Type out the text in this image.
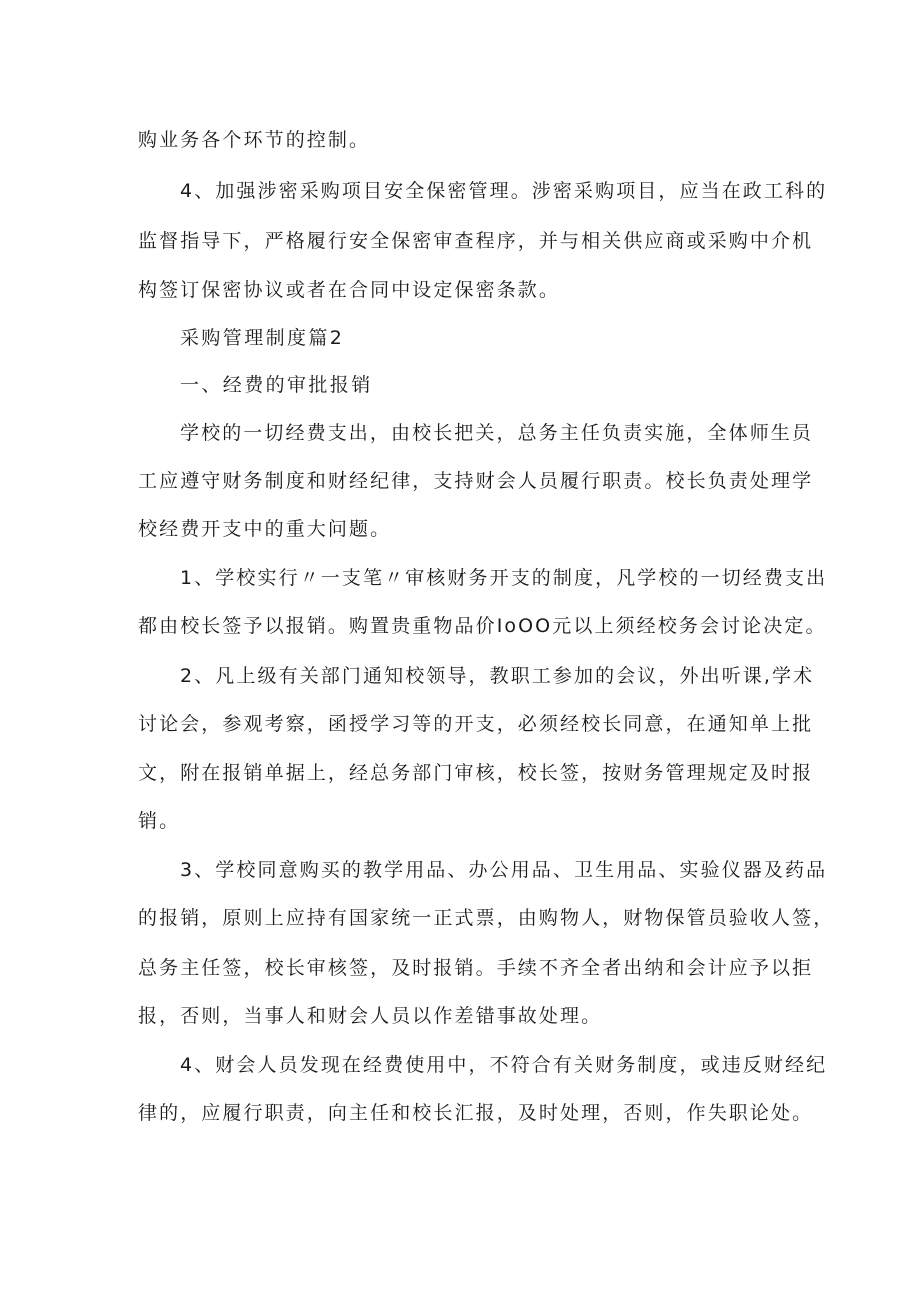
购业务各个环节的控制。

4、加强涉密采购项目安全保密管理。涉密采购项目，应当在政工科的

监督指导下，严格履行安全保密审查程序，并与相关供应商或采购中介机

构签订保密协议或者在合同中设定保密条款。

采购管理制度篇2

一、经费的审批报销

学校的一切经费支出，由校长把关，总务主任负责实施，全体师生员

工应遵守财务制度和财经纪律，支持财会人员履行职责。校长负责处理学

校经费开支中的重大问题。

1、学校实行〃一支笔〃审核财务开支的制度，凡学校的一切经费支出

都由校长签予以报销。购置贵重物品价IoOO元以上须经校务会讨论决定。

2、凡上级有关部门通知校领导，教职工参加的会议，外出听课,学术

讨论会，参观考察，函授学习等的开支，必须经校长同意，在通知单上批

文，附在报销单据上，经总务部门审核，校长签，按财务管理规定及时报

销。

3、学校同意购买的教学用品、办公用品、卫生用品、实验仪器及药品

的报销，原则上应持有国家统一正式票，由购物人，财物保管员验收人签，

总务主任签，校长审核签，及时报销。手续不齐全者出纳和会计应予以拒

报，否则，当事人和财会人员以作差错事故处理。

4、财会人员发现在经费使用中，不符合有关财务制度，或违反财经纪

律的，应履行职责，向主任和校长汇报，及时处理，否则，作失职论处。
